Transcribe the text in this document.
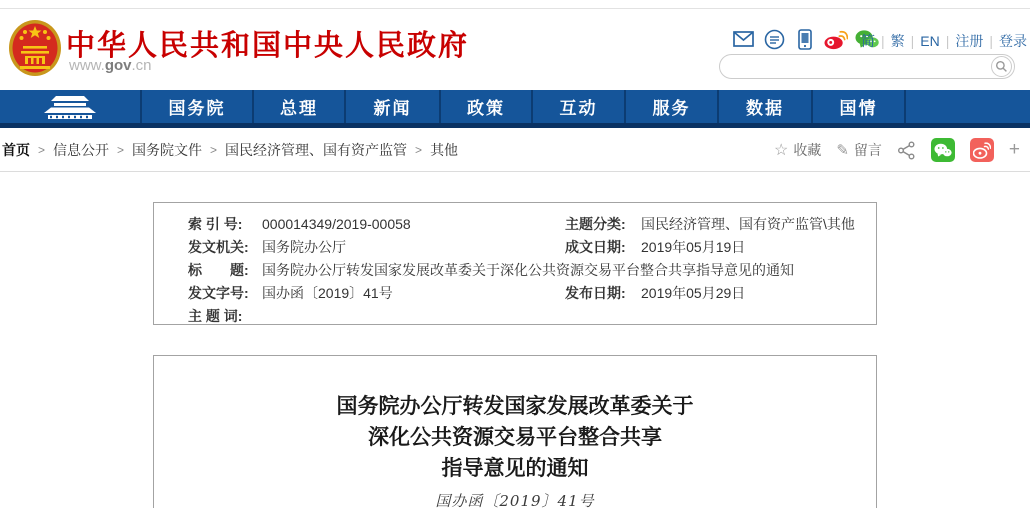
中华人民共和国中央人民政府
www.gov.cn
简 | 繁 | EN | 注册 | 登录
国务院	总理	新闻	政策	互动	服务	数据	国情
首页 > 信息公开 > 国务院文件 > 国民经济管理、国有资产监管 > 其他	☆ 收藏 ✎ 留言	+
索 引 号:	000014349/2019-00058	主题分类:	国民经济管理、国有资产监管\其他
发文机关: 国务院办公厅	成文日期:	2019年05月19日
标　　题: 国务院办公厅转发国家发展改革委关于深化公共资源交易平台整合共享指导意见的通知
发文字号: 国办函〔2019〕41号	发布日期:	2019年05月29日
主 题 词:
国务院办公厅转发国家发展改革委关于
深化公共资源交易平台整合共享
指导意见的通知
国办函〔2019〕41号
